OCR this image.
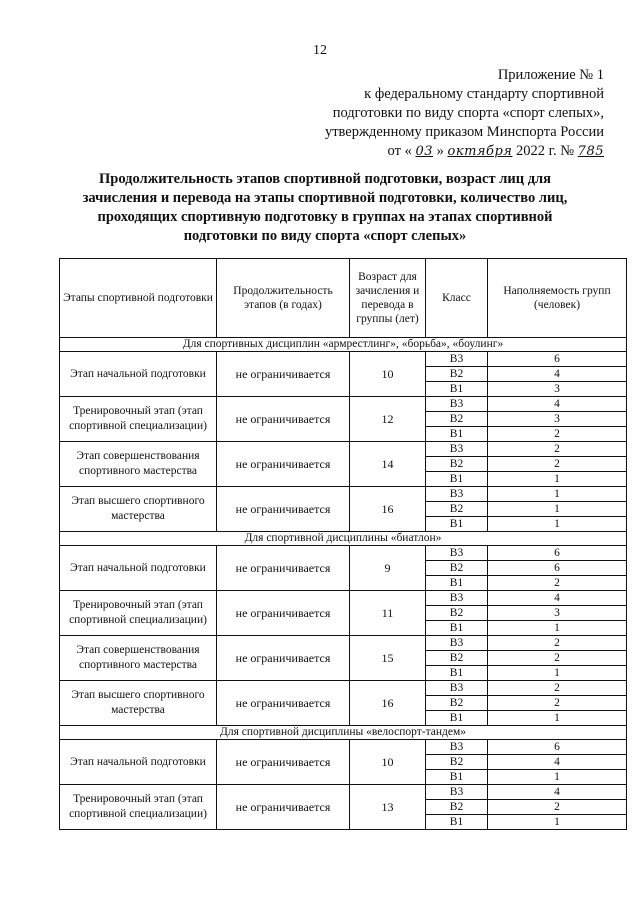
12
Приложение № 1
к федеральному стандарту спортивной
подготовки по виду спорта «спорт слепых»,
утвержденному приказом Минспорта России
от « 03 » октября 2022 г. № 785
Продолжительность этапов спортивной подготовки, возраст лиц для зачисления и перевода на этапы спортивной подготовки, количество лиц, проходящих спортивную подготовку в группах на этапах спортивной подготовки по виду спорта «спорт слепых»
Этапы спортивной подготовки	Продолжительность этапов (в годах)	Возраст для зачисления и перевода в группы (лет)	Класс	Наполняемость групп (человек)
Для спортивных дисциплин «армрестлинг», «борьба», «боулинг»				
Этап начальной подготовки	не ограничивается	10	B3	6
			B2	4
			B1	3
Тренировочный этап (этап спортивной специализации)	не ограничивается	12	B3	4
			B2	3
			B1	2
Этап совершенствования спортивного мастерства	не ограничивается	14	B3	2
			B2	2
			B1	1
Этап высшего спортивного мастерства	не ограничивается	16	B3	1
			B2	1
			B1	1
Для спортивной дисциплины «биатлон»				
Этап начальной подготовки	не ограничивается	9	B3	6
			B2	6
			B1	2
Тренировочный этап (этап спортивной специализации)	не ограничивается	11	B3	4
			B2	3
			B1	1
Этап совершенствования спортивного мастерства	не ограничивается	15	B3	2
			B2	2
			B1	1
Этап высшего спортивного мастерства	не ограничивается	16	B3	2
			B2	2
			B1	1
Для спортивной дисциплины «велоспорт-тандем»				
Этап начальной подготовки	не ограничивается	10	B3	6
			B2	4
			B1	1
Тренировочный этап (этап спортивной специализации)	не ограничивается	13	B3	4
			B2	2
			B1	1
